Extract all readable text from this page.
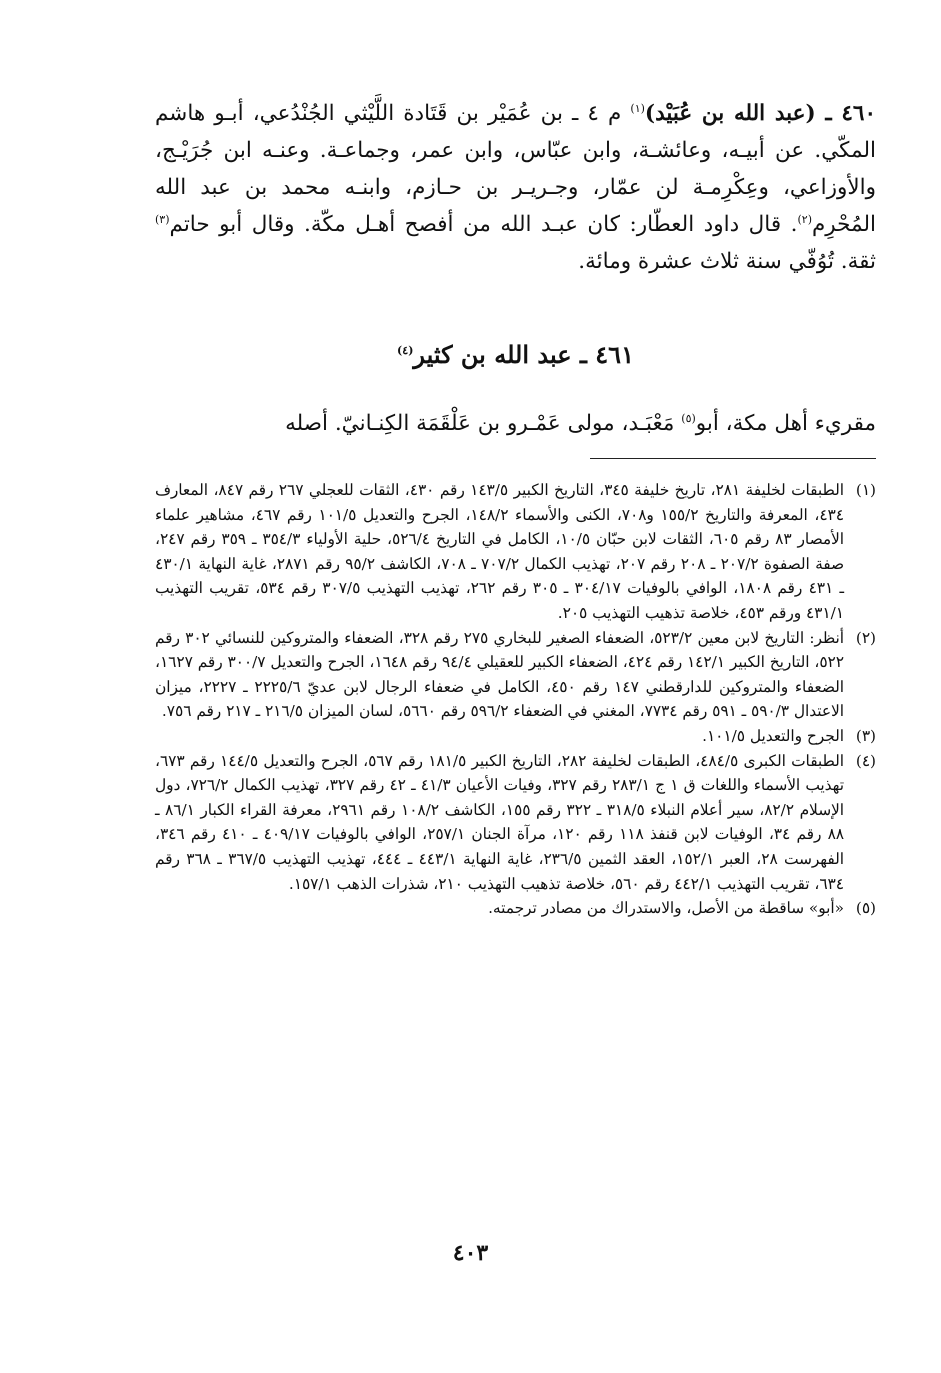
٤٦٠ ـ (عبد الله بن عُبَيْد)$^{(١)}$ م ٤ ـ بن عُمَيْر بن قَتَادة اللَّيْثي الجُنْدُعي، أبـو هاشم المكّي. عن أبيـه، وعائشـة، وابن عبّاس، وابن عمر، وجماعـة. وعنـه ابن جُرَيْـج، والأوزاعي، وعِكْرِمـة لن عمّار، وجـريـر بن حـازم، وابنـه محمد بن عبد الله المُحْرِم$^{(٢)}$. قال داود العطّار: كان عبـد الله من أفصح أهـل مكّة. وقال أبو حاتم$^{(٣)}$ ثقة. تُوُفّي سنة ثلاث عشرة ومائة.
٤٦١ ـ عبد الله بن كثير$^{(٤)}$
مقريء أهل مكة، أبو$^{(٥)}$ مَعْبَـد، مولى عَمْـرو بن عَلْقَمَة الكِنـانيّ. أصله
(١)
الطبقات لخليفة ٢٨١، تاريخ خليفة ٣٤٥، التاريخ الكبير ١٤٣/٥ رقم ٤٣٠، الثقات للعجلي ٢٦٧ رقم ٨٤٧، المعارف ٤٣٤، المعرفة والتاريخ ١٥٥/٢ و٧٠٨، الكنى والأسماء ١٤٨/٢، الجرح والتعديل ١٠١/٥ رقم ٤٦٧، مشاهير علماء الأمصار ٨٣ رقم ٦٠٥، الثقات لابن حبّان ١٠/٥، الكامل في التاريخ ٥٢٦/٤، حلية الأولياء ٣٥٤/٣ ـ ٣٥٩ رقم ٢٤٧، صفة الصفوة ٢٠٧/٢ ـ ٢٠٨ رقم ٢٠٧، تهذيب الكمال ٧٠٧/٢ ـ ٧٠٨، الكاشف ٩٥/٢ رقم ٢٨٧١، غاية النهاية ٤٣٠/١ ـ ٤٣١ رقم ١٨٠٨، الوافي بالوفيات ٣٠٤/١٧ ـ ٣٠٥ رقم ٢٦٢، تهذيب التهذيب ٣٠٧/٥ رقم ٥٣٤، تقريب التهذيب ٤٣١/١ ورقم ٤٥٣، خلاصة تذهيب التهذيب ٢٠٥.
(٢)
أنظر: التاريخ لابن معين ٥٢٣/٢، الضعفاء الصغير للبخاري ٢٧٥ رقم ٣٢٨، الضعفاء والمتروكين للنسائي ٣٠٢ رقم ٥٢٢، التاريخ الكبير ١٤٢/١ رقم ٤٢٤، الضعفاء الكبير للعقيلي ٩٤/٤ رقم ١٦٤٨، الجرح والتعديل ٣٠٠/٧ رقم ١٦٢٧، الضعفاء والمتروكين للدارقطني ١٤٧ رقم ٤٥٠، الكامل في ضعفاء الرجال لابن عديّ ٢٢٢٥/٦ ـ ٢٢٢٧، ميزان الاعتدال ٥٩٠/٣ ـ ٥٩١ رقم ٧٧٣٤، المغني في الضعفاء ٥٩٦/٢ رقم ٥٦٦٠، لسان الميزان ٢١٦/٥ ـ ٢١٧ رقم ٧٥٦.
(٣)
الجرح والتعديل ١٠١/٥.
(٤)
الطبقات الكبرى ٤٨٤/٥، الطبقات لخليفة ٢٨٢، التاريخ الكبير ١٨١/٥ رقم ٥٦٧، الجرح والتعديل ١٤٤/٥ رقم ٦٧٣، تهذيب الأسماء واللغات ق ١ ج ٢٨٣/١ رقم ٣٢٧، وفيات الأعيان ٤١/٣ ـ ٤٢ رقم ٣٢٧، تهذيب الكمال ٧٢٦/٢، دول الإسلام ٨٢/٢، سير أعلام النبلاء ٣١٨/٥ ـ ٣٢٢ رقم ١٥٥، الكاشف ١٠٨/٢ رقم ٢٩٦١، معرفة القراء الكبار ٨٦/١ ـ ٨٨ رقم ٣٤، الوفيات لابن قنفذ ١١٨ رقم ١٢٠، مرآة الجنان ٢٥٧/١، الوافي بالوفيات ٤٠٩/١٧ ـ ٤١٠ رقم ٣٤٦، الفهرست ٢٨، العبر ١٥٢/١، العقد الثمين ٢٣٦/٥، غاية النهاية ٤٤٣/١ ـ ٤٤٤، تهذيب التهذيب ٣٦٧/٥ ـ ٣٦٨ رقم ٦٣٤، تقريب التهذيب ٤٤٢/١ رقم ٥٦٠، خلاصة تذهيب التهذيب ٢١٠، شذرات الذهب ١٥٧/١.
(٥)
«أبو» ساقطة من الأصل، والاستدراك من مصادر ترجمته.
٤٠٣
